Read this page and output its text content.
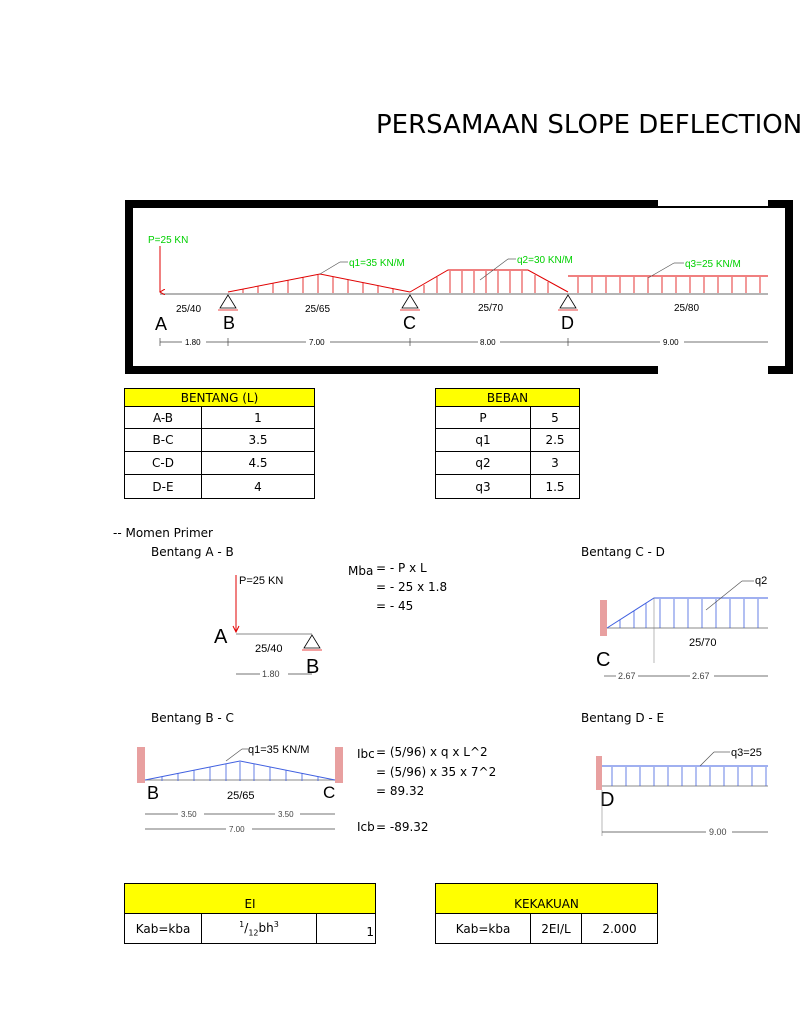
PERSAMAAN SLOPE DEFLECTION
P=25 KN
q1=35 KN/M	q2=30 KN/M	q3=25 KN/M
25/40	25/65	25/70	25/80
A	B	C	D
1.80	7.00	8.00	9.00
BENTANG (L)	
A-B	1
B-C	3.5
C-D	4.5
D-E	4
BEBAN	
P	5
q1	2.5
q2	3
q3	1.5
-- Momen Primer
Bentang A - B	Bentang C - D
Bentang B - C	Bentang D - E
Mba = - P x L
= - 25 x 1.8
= - 45
P=25 KN
A
B
25/40
1.80
q1=35 KN/M
B	C
25/65
3.50	3.50
7.00
Ibc = (5/96) x q x L^2
= (5/96) x 35 x 7^2
= 89.32
Icb = -89.32
q2
C
25/70
2.67	2.67
q3=25
D
9.00
EI
Kab=kba	$^1/_{12}bh^3$	1
KEKAKUAN
Kab=kba	2EI/L	2.000
